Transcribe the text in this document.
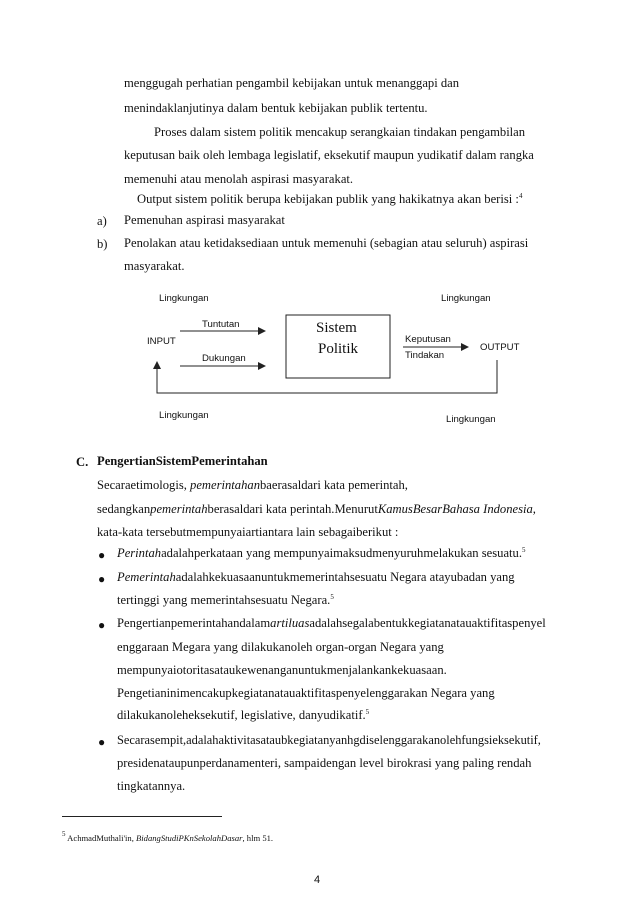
menggugah perhatian pengambil kebijakan untuk menanggapi dan
menindaklanjutinya dalam bentuk kebijakan publik tertentu.
Proses dalam sistem politik mencakup serangkaian tindakan pengambilan
keputusan baik oleh lembaga legislatif, eksekutif maupun yudikatif dalam rangka
memenuhi atau menolah aspirasi masyarakat.
Output sistem politik berupa kebijakan publik yang hakikatnya akan berisi :$^4$
a) Pemenuhan aspirasi masyarakat
b) Penolakan atau ketidaksediaan untuk memenuhi (sebagian atau seluruh) aspirasi
masyarakat.
Lingkungan	Lingkungan
Tuntutan
INPUT
Dukungan
Sistem
Politik
Keputusan
Tindakan
OUTPUT
Lingkungan	Lingkungan
C. PengertianSistemPemerintahan
Secaraetimologis, pemerintahanbaerasaldari kata pemerintah,
sedangkanpemerintahberasaldari kata perintah.MenurutKamusBesarBahasa Indonesia,
kata-kata tersebutmempunyaiartiantara lain sebagaiberikut :
● Perintahadalahperkataan yang mempunyaimaksudmenyuruhmelakukan sesuatu.$^5$
● Pemerintahadalahkekuasaanuntukmemerintahsesuatu Negara atayubadan yang
tertinggi yang memerintahsesuatu Negara.$^5$
● Pengertianpemerintahandalamartiluasadalahsegalabentukkegiatanatauaktifitaspenyel
enggaraan Megara yang dilakukanoleh organ-organ Negara yang
mempunyaiotoritasataukewenanganuntukmenjalankankekuasaan.
Pengetianinimencakupkegiatanatauaktifitaspenyelenggarakan Negara yang
dilakukanoleheksekutif, legislative, danyudikatif.$^5$
● Secarasempit,adalahaktivitasataubkegiatanyanhgdiselenggarakanolehfungsieksekutif,
presidenataupunperdanamenteri, sampaidengan level birokrasi yang paling rendah
tingkatannya.
$^5$ AchmadMuthali'in, BidangStudiPKnSekolahDasar, hlm 51.
4
